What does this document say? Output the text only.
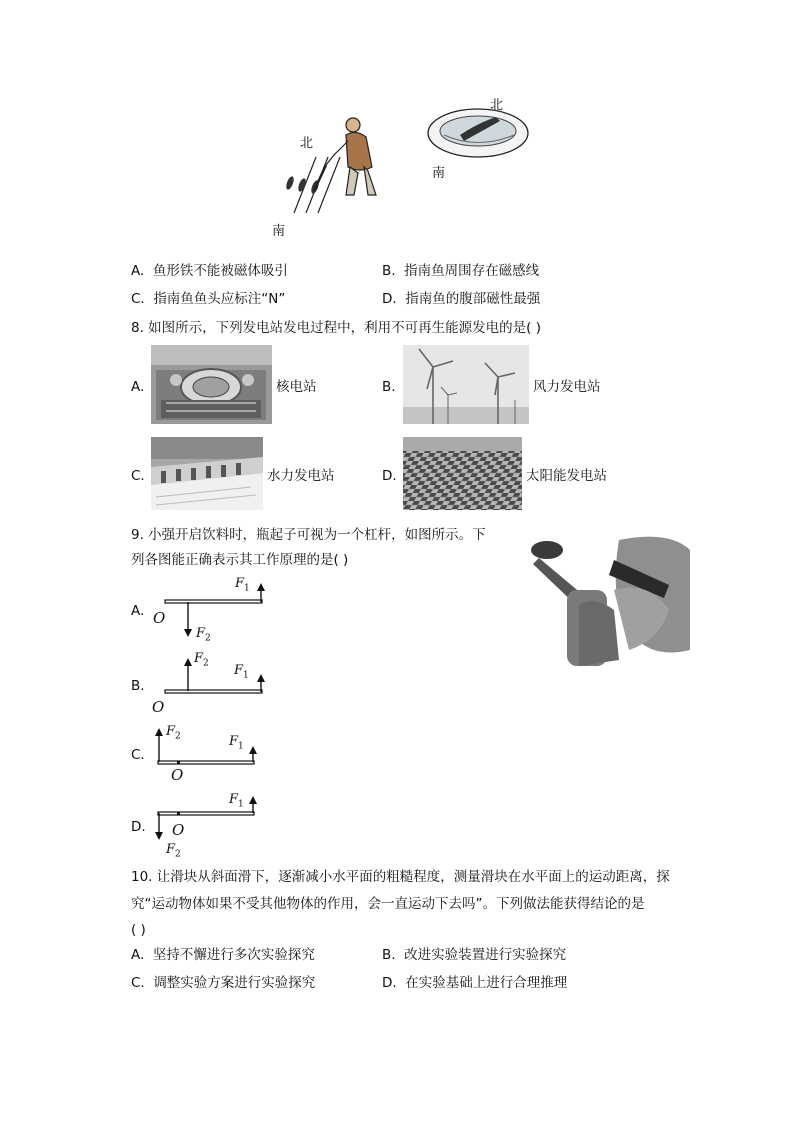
北
南
北
南
A. 鱼形铁不能被磁体吸引	B. 指南鱼周围存在磁感线
C. 指南鱼鱼头应标注“N”	D. 指南鱼的腹部磁性最强
8. 如图所示，下列发电站发电过程中，利用不可再生能源发电的是( )
A.	核电站	B.	风力发电站
C.	水力发电站	D.	太阳能发电站
9. 小强开启饮料时，瓶起子可视为一个杠杆，如图所示。下
列各图能正确表示其工作原理的是( )
A. O
$F_1$
$F_2$
B.
O
$F_1$
$F_2$
C.
O
$F_1$
$F_2$
D. O
$F_1$
$F_2$
10. 让滑块从斜面滑下，逐渐减小水平面的粗糙程度，测量滑块在水平面上的运动距离，探
究“运动物体如果不受其他物体的作用，会一直运动下去吗”。下列做法能获得结论的是
( )
A. 坚持不懈进行多次实验探究	B. 改进实验装置进行实验探究
C. 调整实验方案进行实验探究	D. 在实验基础上进行合理推理
